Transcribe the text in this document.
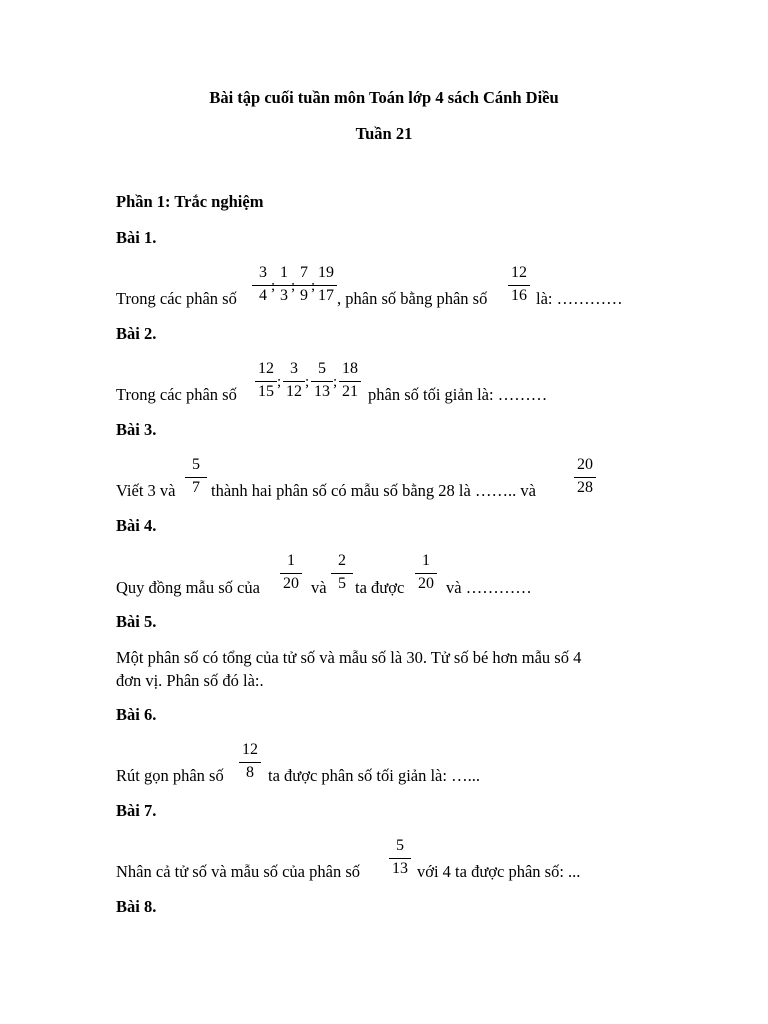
Bài tập cuối tuần môn Toán lớp 4 sách Cánh Diều
Tuần 21
Phần 1: Trắc nghiệm
Bài 1.
Trong các phân số
3
4
;
1
3
;
7
9
;
19
17 , phân số bằng phân số
12
16 là: …………
Bài 2.
Trong các phân số
12
15
;
3
12
;
5
13
;
18
21 phân số tối giản là: ………
Bài 3.
Viết 3 và
5
7 thành hai phân số có mẫu số bằng 28 là …….. và
20
28
Bài 4.
Quy đồng mẫu số của
1
20 và
2
5 ta được
1
20 và …………
Bài 5.
Một phân số có tổng của tử số và mẫu số là 30. Tử số bé hơn mẫu số 4
đơn vị. Phân số đó là:.
Bài 6.
Rút gọn phân số
12
8 ta được phân số tối giản là: …...
Bài 7.
Nhân cả tử số và mẫu số của phân số
5
13 với 4 ta được phân số: ...
Bài 8.
